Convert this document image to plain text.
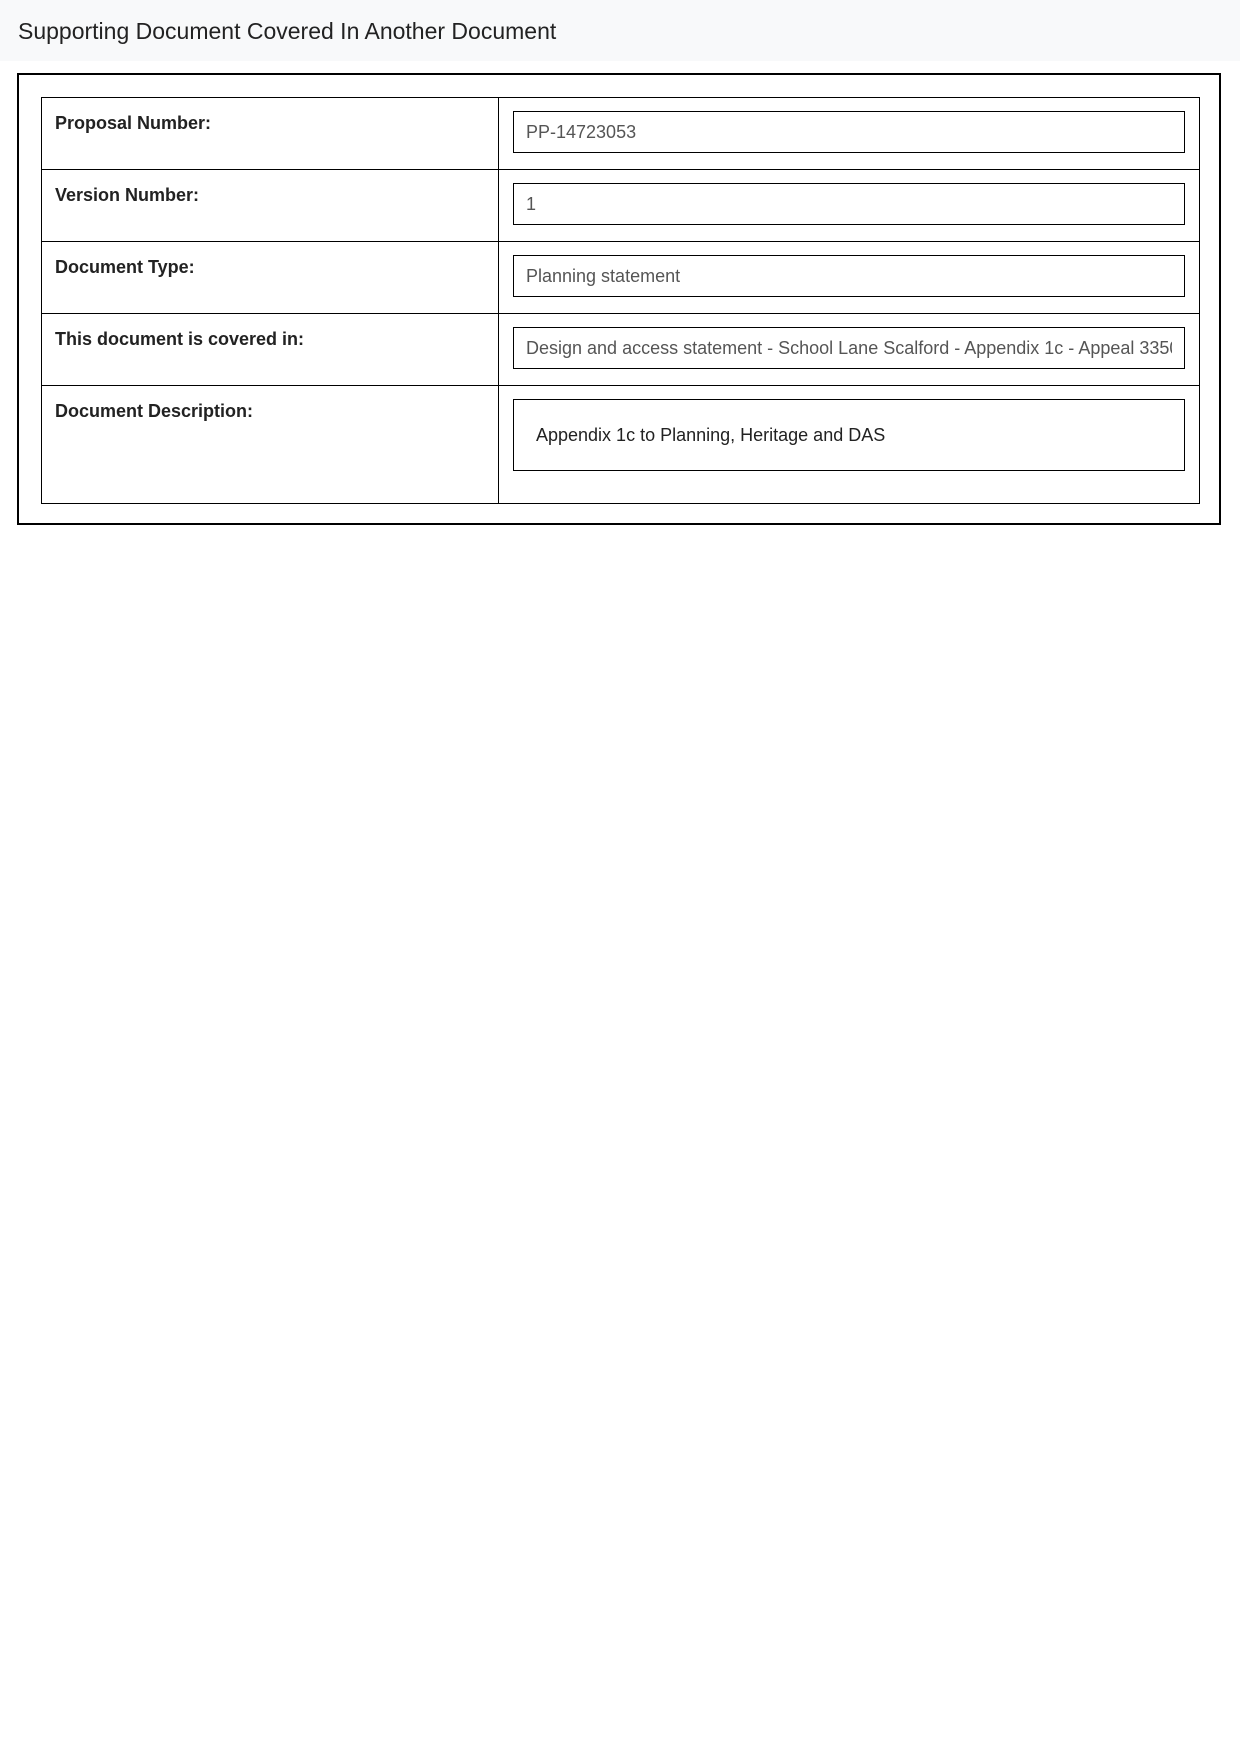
Supporting Document Covered In Another Document
Proposal Number:

PP-14723053

Version Number:

1

Document Type:

Planning statement

This document is covered in:

Design and access statement - School Lane Scalford - Appendix 1c - Appeal 3350

Document Description:	Appendix 1c to Planning, Heritage and DAS
